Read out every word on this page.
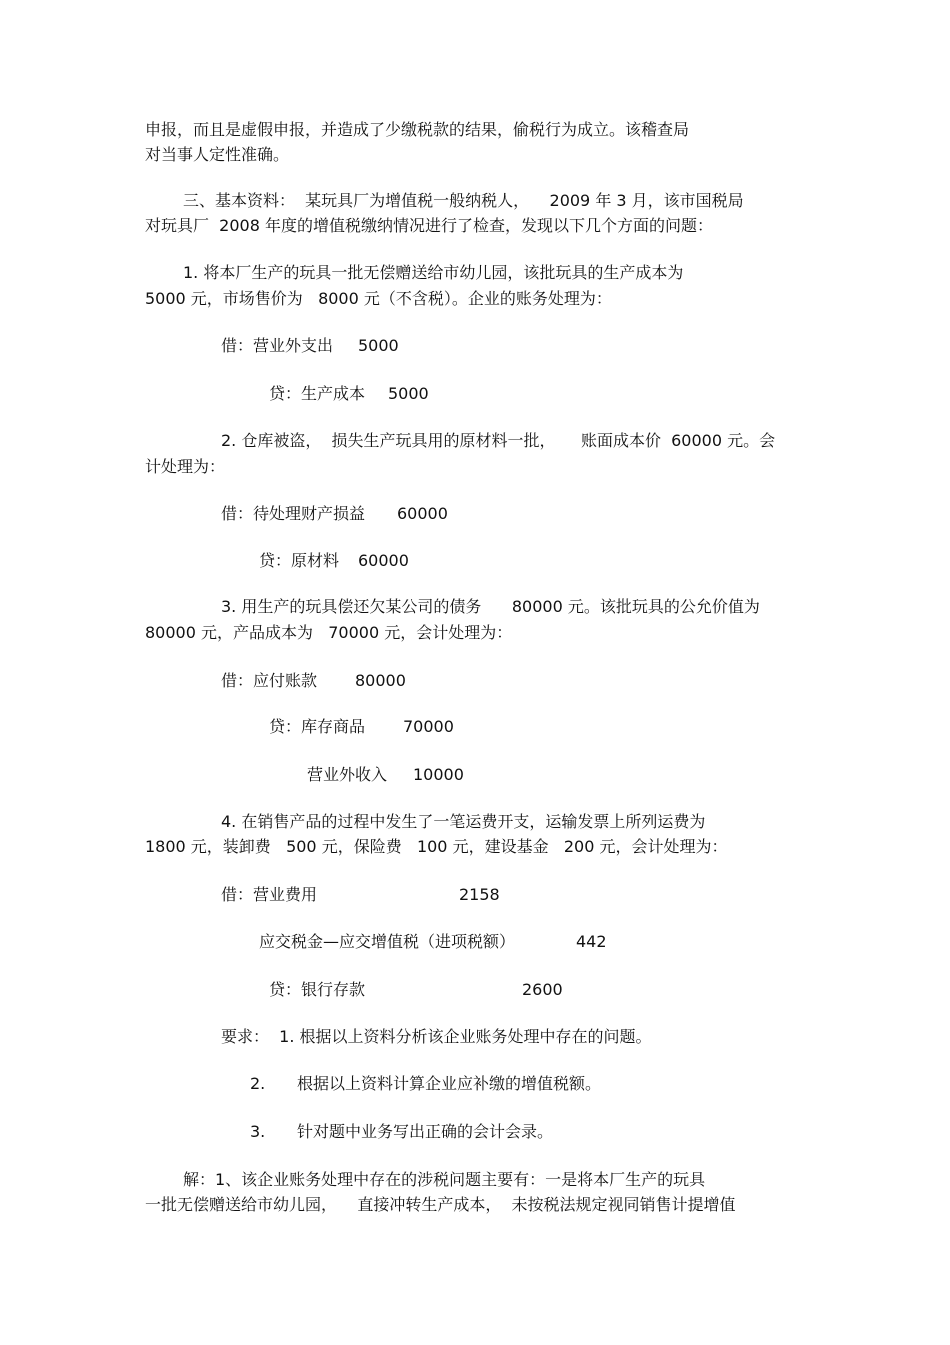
申报，而且是虚假申报，并造成了少缴税款的结果，偷税行为成立。该稽查局
对当事人定性准确。
三、基本资料：  某玩具厂为增值税一般纳税人，    2009 年 3 月，该市国税局
对玩具厂  2008 年度的增值税缴纳情况进行了检查，发现以下几个方面的问题：
1. 将本厂生产的玩具一批无偿赠送给市幼儿园，该批玩具的生产成本为
5000 元，市场售价为   8000 元（不含税）。企业的账务处理为：
借：营业外支出 5000
贷：生产成本 5000
2. 仓库被盗，  损失生产玩具用的原材料一批，     账面成本价  60000 元。会
计处理为：
借：待处理财产损益 60000
贷：原材料 60000
3. 用生产的玩具偿还欠某公司的债务      80000 元。该批玩具的公允价值为
80000 元，产品成本为   70000 元，会计处理为：
借：应付账款 80000
贷：库存商品 70000
营业外收入 10000
4. 在销售产品的过程中发生了一笔运费开支，运输发票上所列运费为
1800 元，装卸费   500 元，保险费   100 元，建设基金   200 元，会计处理为：
借：营业费用	2158
应交税金—应交增值税（进项税额）	442
贷：银行存款	2600
要求：  1. 根据以上资料分析该企业账务处理中存在的问题。
2. 根据以上资料计算企业应补缴的增值税额。
3. 针对题中业务写出正确的会计会录。
解：1、该企业账务处理中存在的涉税问题主要有：一是将本厂生产的玩具
一批无偿赠送给市幼儿园，    直接冲转生产成本，  未按税法规定视同销售计提增值
